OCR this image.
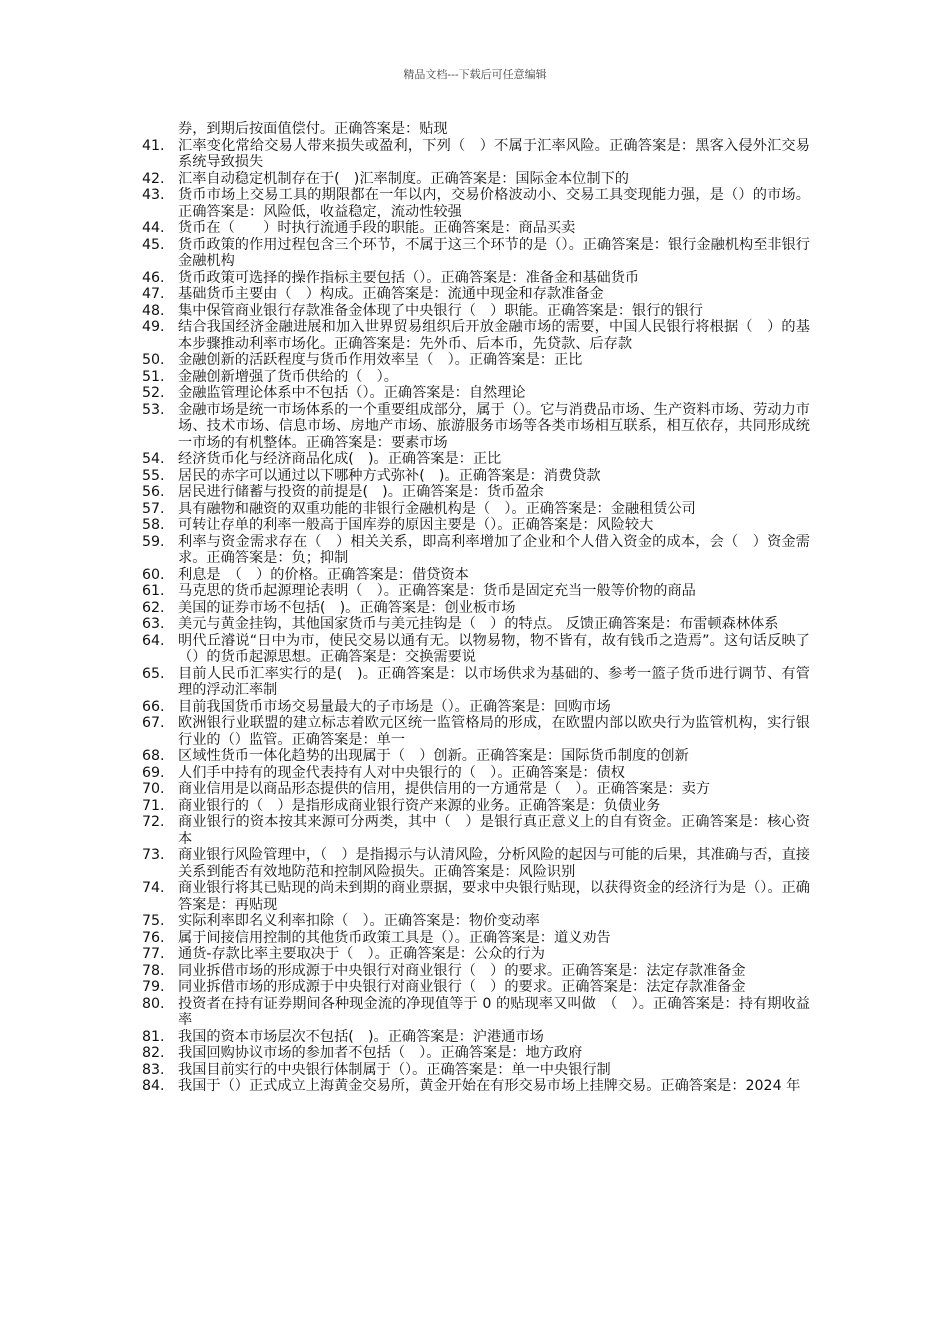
精品文档---下载后可任意编辑
券，到期后按面值偿付。正确答案是：贴现
41. 汇率变化常给交易人带来损失或盈利，下列（　）不属于汇率风险。正确答案是：黑客入侵外汇交易系统导致损失
42. 汇率自动稳定机制存在于(　)汇率制度。正确答案是：国际金本位制下的
43. 货币市场上交易工具的期限都在一年以内，交易价格波动小、交易工具变现能力强，是（）的市场。正确答案是：风险低，收益稳定，流动性较强
44. 货币在（　　）时执行流通手段的职能。正确答案是：商品买卖
45. 货币政策的作用过程包含三个环节，不属于这三个环节的是（）。正确答案是：银行金融机构至非银行金融机构
46. 货币政策可选择的操作指标主要包括（）。正确答案是：准备金和基础货币
47. 基础货币主要由（　）构成。正确答案是：流通中现金和存款准备金
48. 集中保管商业银行存款准备金体现了中央银行（　）职能。正确答案是：银行的银行
49. 结合我国经济金融进展和加入世界贸易组织后开放金融市场的需要，中国人民银行将根据（　）的基本步骤推动利率市场化。正确答案是：先外币、后本币，先贷款、后存款
50. 金融创新的活跃程度与货币作用效率呈（　）。正确答案是：正比
51. 金融创新增强了货币供给的（　）。
52. 金融监管理论体系中不包括（）。正确答案是：自然理论
53. 金融市场是统一市场体系的一个重要组成部分，属于（）。它与消费品市场、生产资料市场、劳动力市场、技术市场、信息市场、房地产市场、旅游服务市场等各类市场相互联系，相互依存，共同形成统一市场的有机整体。正确答案是：要素市场
54. 经济货币化与经济商品化成(　)。正确答案是：正比
55. 居民的赤字可以通过以下哪种方式弥补(　)。正确答案是：消费贷款
56. 居民进行储蓄与投资的前提是(　)。正确答案是：货币盈余
57. 具有融物和融资的双重功能的非银行金融机构是（　）。正确答案是：金融租赁公司
58. 可转让存单的利率一般高于国库券的原因主要是（）。正确答案是：风险较大
59. 利率与资金需求存在（　）相关关系，即高利率增加了企业和个人借入资金的成本，会（　）资金需求。正确答案是：负；抑制
60. 利息是　（　）的价格。正确答案是：借贷资本
61. 马克思的货币起源理论表明（　）。正确答案是：货币是固定充当一般等价物的商品
62. 美国的证券市场不包括(　)。正确答案是：创业板市场
63. 美元与黄金挂钩，其他国家货币与美元挂钩是（　）的特点。 反馈正确答案是：布雷顿森林体系
64. 明代丘濬说“日中为市，使民交易以通有无。以物易物，物不皆有，故有钱币之造焉”。这句话反映了（）的货币起源思想。正确答案是：交换需要说
65. 目前人民币汇率实行的是(　)。正确答案是：以市场供求为基础的、参考一篮子货币进行调节、有管理的浮动汇率制
66. 目前我国货币市场交易量最大的子市场是（）。正确答案是：回购市场
67. 欧洲银行业联盟的建立标志着欧元区统一监管格局的形成，在欧盟内部以欧央行为监管机构，实行银行业的（）监管。正确答案是：单一
68. 区域性货币一体化趋势的出现属于（　）创新。正确答案是：国际货币制度的创新
69. 人们手中持有的现金代表持有人对中央银行的（　）。正确答案是：债权
70. 商业信用是以商品形态提供的信用，提供信用的一方通常是（　）。正确答案是：卖方
71. 商业银行的（　）是指形成商业银行资产来源的业务。正确答案是：负债业务
72. 商业银行的资本按其来源可分两类，其中（　）是银行真正意义上的自有资金。正确答案是：核心资本
73. 商业银行风险管理中，（　）是指揭示与认清风险，分析风险的起因与可能的后果，其准确与否，直接关系到能否有效地防范和控制风险损失。正确答案是：风险识别
74. 商业银行将其已贴现的尚未到期的商业票据，要求中央银行贴现，以获得资金的经济行为是（）。正确答案是：再贴现
75. 实际利率即名义利率扣除（　）。正确答案是：物价变动率
76. 属于间接信用控制的其他货币政策工具是（）。正确答案是：道义劝告
77. 通货-存款比率主要取决于（　）。正确答案是：公众的行为
78. 同业拆借市场的形成源于中央银行对商业银行（　）的要求。正确答案是：法定存款准备金
79. 同业拆借市场的形成源于中央银行对商业银行（　）的要求。正确答案是：法定存款准备金
80. 投资者在持有证券期间各种现金流的净现值等于 0 的贴现率又叫做　（　）。正确答案是：持有期收益率
81. 我国的资本市场层次不包括(　)。正确答案是：沪港通市场
82. 我国回购协议市场的参加者不包括（　）。正确答案是：地方政府
83. 我国目前实行的中央银行体制属于（）。正确答案是：单一中央银行制
84. 我国于（）正式成立上海黄金交易所，黄金开始在有形交易市场上挂牌交易。正确答案是：2024 年
